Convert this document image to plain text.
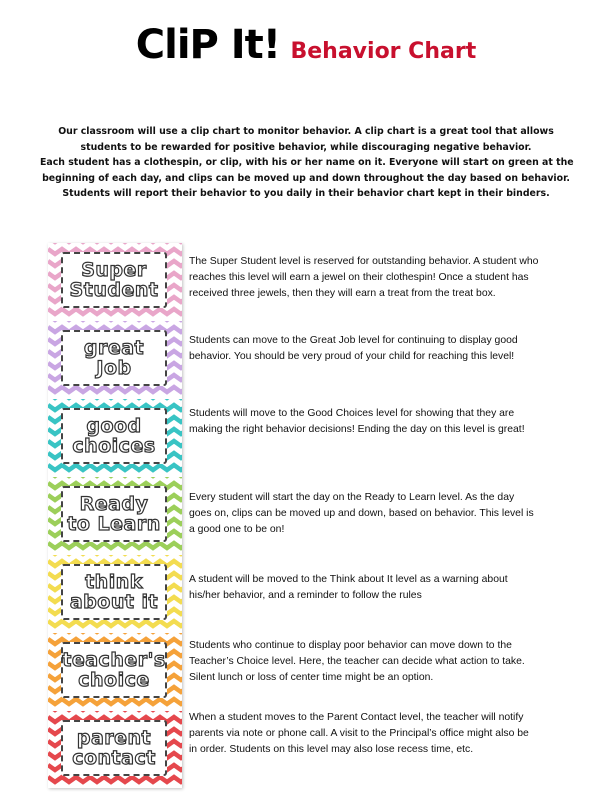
CliP It! Behavior Chart
Our classroom will use a clip chart to monitor behavior. A clip chart is a great tool that allows
students to be rewarded for positive behavior, while discouraging negative behavior.
Each student has a clothespin, or clip, with his or her name on it. Everyone will start on green at the
beginning of each day, and clips can be moved up and down throughout the day based on behavior.
Students will report their behavior to you daily in their behavior chart kept in their binders.
Super
Student
great
Job
good
choices
Ready
to Learn
think
about it
teacher's
choice
parent
contact
The Super Student level is reserved for outstanding behavior. A student who
reaches this level will earn a jewel on their clothespin! Once a student has
received three jewels, then they will earn a treat from the treat box.
Students can move to the Great Job level for continuing to display good
behavior. You should be very proud of your child for reaching this level!
Students will move to the Good Choices level for showing that they are
making the right behavior decisions! Ending the day on this level is great!
Every student will start the day on the Ready to Learn level. As the day
goes on, clips can be moved up and down, based on behavior. This level is
a good one to be on!
A student will be moved to the Think about It level as a warning about
his/her behavior, and a reminder to follow the rules
Students who continue to display poor behavior can move down to the
Teacher’s Choice level. Here, the teacher can decide what action to take.
Silent lunch or loss of center time might be an option.
When a student moves to the Parent Contact level, the teacher will notify
parents via note or phone call. A visit to the Principal’s office might also be
in order. Students on this level may also lose recess time, etc.
